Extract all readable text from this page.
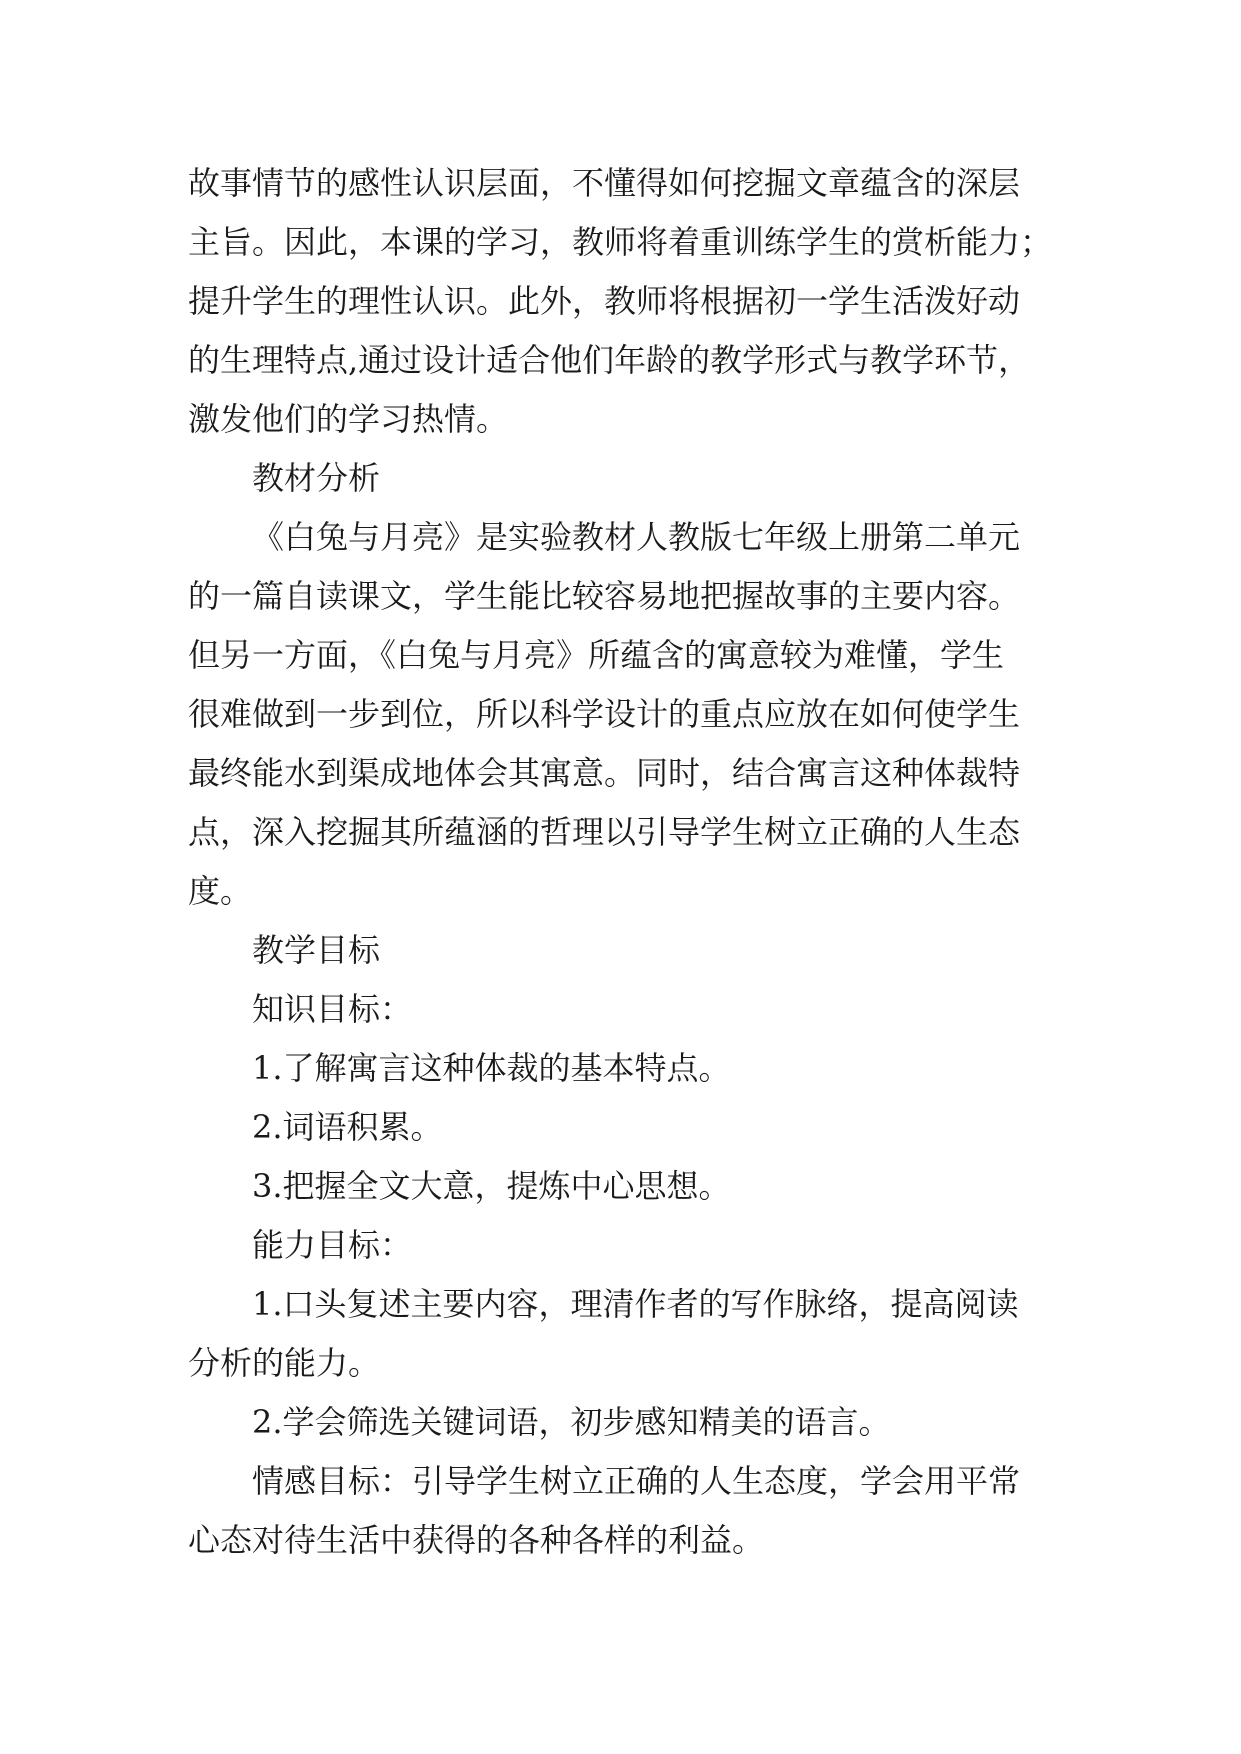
故事情节的感性认识层面，不懂得如何挖掘文章蕴含的深层
主旨。因此，本课的学习，教师将着重训练学生的赏析能力；
提升学生的理性认识。此外，教师将根据初一学生活泼好动
的生理特点,通过设计适合他们年龄的教学形式与教学环节，
激发他们的学习热情。
教材分析
《白兔与月亮》是实验教材人教版七年级上册第二单元
的一篇自读课文，学生能比较容易地把握故事的主要内容。
但另一方面，《白兔与月亮》所蕴含的寓意较为难懂，学生
很难做到一步到位，所以科学设计的重点应放在如何使学生
最终能水到渠成地体会其寓意。同时，结合寓言这种体裁特
点，深入挖掘其所蕴涵的哲理以引导学生树立正确的人生态
度。
教学目标
知识目标：
1.了解寓言这种体裁的基本特点。
2.词语积累。
3.把握全文大意，提炼中心思想。
能力目标：
1.口头复述主要内容，理清作者的写作脉络，提高阅读
分析的能力。
2.学会筛选关键词语，初步感知精美的语言。
情感目标：引导学生树立正确的人生态度，学会用平常
心态对待生活中获得的各种各样的利益。
